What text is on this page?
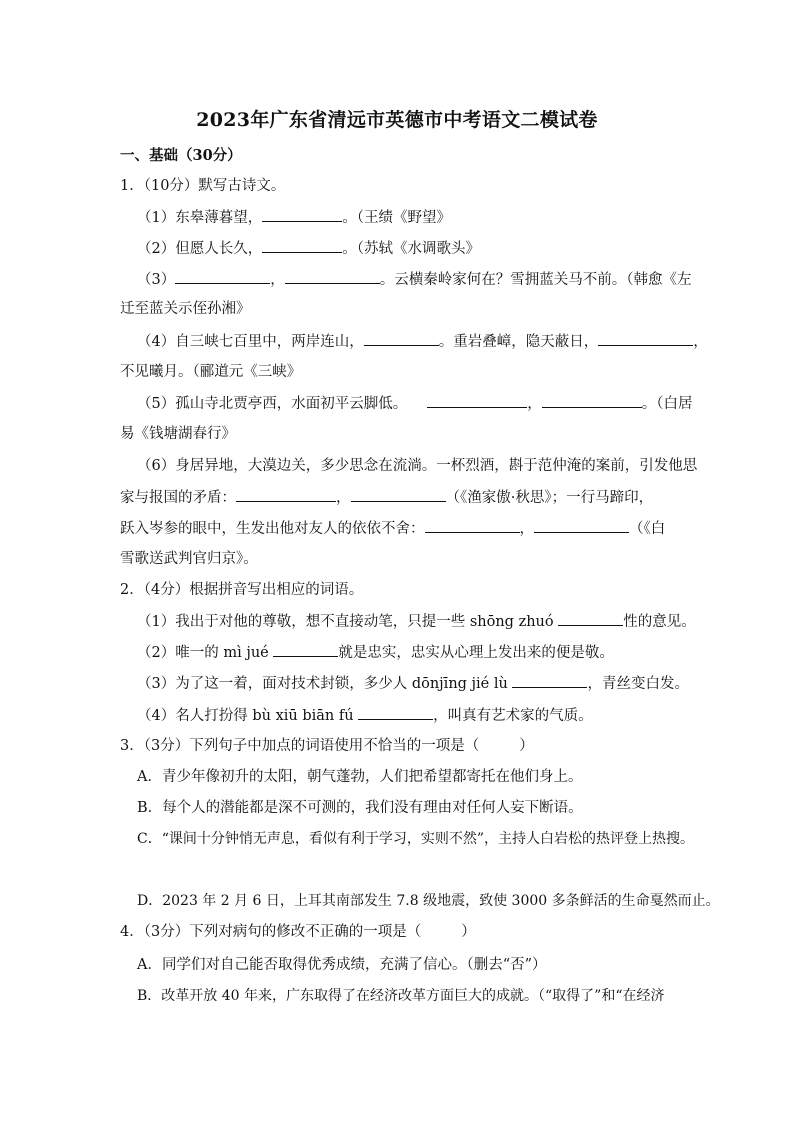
2023年广东省清远市英德市中考语文二模试卷
一、基础（30分）
1．（10分）默写古诗文。
（1）东皋薄暮望，	。（王绩《野望》
（2）但愿人长久，	。（苏轼《水调歌头》
（3）	，	。云横秦岭家何在？雪拥蓝关马不前。（韩愈《左
迁至蓝关示侄孙湘》
（4）自三峡七百里中，两岸连山，	。重岩叠嶂，隐天蔽日，	，
不见曦月。（郦道元《三峡》
（5）孤山寺北贾亭西，水面初平云脚低。	，	。（白居
易《钱塘湖春行》
（6）身居异地，大漠边关，多少思念在流淌。一杯烈酒，斟于范仲淹的案前，引发他思
家与报国的矛盾：	，	（《渔家傲·秋思》；一行马蹄印，
跃入岑参的眼中，生发出他对友人的依依不舍：	，	（《白
雪歌送武判官归京》。
2．（4分）根据拼音写出相应的词语。
（1）我出于对他的尊敬，想不直接动笔，只提一些 shōng zhuó	性的意见。
（2）唯一的 mì jué	就是忠实，忠实从心理上发出来的便是敬。
（3）为了这一着，面对技术封锁，多少人 dōnjīng jié lù	，青丝变白发。
（4）名人打扮得 bù xiū biān fú	，叫真有艺术家的气质。
3．（3分）下列句子中加点的词语使用不恰当的一项是（	）
A．青少年像初升的太阳，朝气蓬勃，人们把希望都寄托在他们身上。
B．每个人的潜能都是深不可测的，我们没有理由对任何人妄下断语。
C．“课间十分钟悄无声息，看似有利于学习，实则不然”，主持人白岩松的热评登上热搜。
D．2023 年 2 月 6 日，上耳其南部发生 7.8 级地震，致使 3000 多条鲜活的生命戛然而止。
4．（3分）下列对病句的修改不正确的一项是（	）
A．同学们对自己能否取得优秀成绩，充满了信心。（删去“否”）
B．改革开放 40 年来，广东取得了在经济改革方面巨大的成就。（“取得了”和“在经济
